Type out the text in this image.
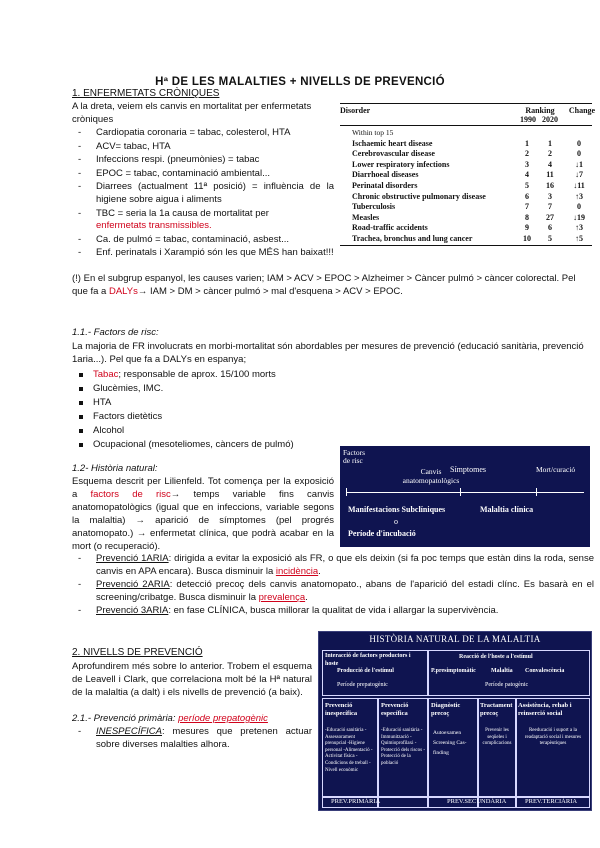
Hª DE LES MALALTIES + NIVELLS DE PREVENCIÓ
1. ENFERMETATS CRÒNIQUES
A la dreta, veiem els canvis en mortalitat per enfermetats cròniques
- Cardiopatia coronaria = tabac, colesterol, HTA
- ACV= tabac, HTA
- Infeccions respi. (pneumònies) = tabac
- EPOC = tabac, contaminació ambiental...
- Diarrees (actualment 11ª posició) = influència de la higiene sobre aigua i aliments
- TBC = seria la 1a causa de mortalitat per
enfermetats transmissibles.
- Ca. de pulmó = tabac, contaminació, asbest...
- Enf. perinatals i Xarampió són les que MÉS han baixat!!!
(!) En el subgrup espanyol, les causes varien; IAM > ACV > EPOC > Alzheimer > Càncer pulmó > càncer colorectal. Pel que fa a DALYs→ IAM > DM > càncer pulmó > mal d'esquena > ACV > EPOC.
Disorder	Ranking	Change
1990 2020
Within top 15
Ischaemic heart disease	1	1	0
Cerebrovascular disease	2	2	0
Lower respiratory infections	3	4	↓1
Diarrhoeal diseases	4	11	↓7
Perinatal disorders	5	16	↓11
Chronic obstructive pulmonary disease	6	3	↑3
Tuberculosis	7	7	0
Measles	8	27	↓19
Road-traffic accidents	9	6	↑3
Trachea, bronchus and lung cancer	10	5	↑5
1.1.- Factors de risc:
La majoria de FR involucrats en morbi-mortalitat són abordables per mesures de prevenció (educació sanitària, prevenció 1aria...). Pel que fa a DALYs en espanya;
Tabac; responsable de aprox. 15/100 morts
Glucèmies, IMC.
HTA
Factors dietètics
Alcohol
Ocupacional (mesoteliomes, càncers de pulmó)
1.2- Història natural:
Esquema descrit per Lilienfeld. Tot comença per la exposició a factors de risc→ temps variable fins canvis anatomopatològics (igual que en infeccions, variable segons la malaltia) → aparició de símptomes (pel progrés anatomopato.) → enfermetat clínica, que podrà acabar en la mort (o recuperació).
- Prevenció 1ARIA: dirigida a evitar la exposició als FR, o que els deixin (si fa poc temps que estàn dins la roda, sense canvis en APA encara). Busca disminuir la incidència.
- Prevenció 2ARIA: detecció precoç dels canvis anatomopato., abans de l'aparició del estadi clínc. Es basarà en el screening/cribatge. Busca disminuir la prevalença.
- Prevenció 3ARIA: en fase CLÍNICA, busca millorar la qualitat de vida i allargar la supervivència.
Factors de risc
Canvis anatomopatològics
Símptomes	Mort/curació
Manifestacions Subclíniques	Malaltia clínica
o
Període d'incubació
2. NIVELLS DE PREVENCIÓ
Aprofundirem més sobre lo anterior. Trobem el esquema de Leavell i Clark, que correlaciona molt bé la Hª natural de la malaltia (a dalt) i els nivells de prevenció (a baix).
2.1.- Prevenció primària: període prepatogènic
- INESPECÍFICA: mesures que pretenen actuar sobre diverses malalties alhora.
HISTÒRIA NATURAL DE LA MALALTIA
Interacció de factors productors i hoste
Reacció de l'hoste a l'estímul
Producció de l'estímul	P.presimptomàtic	Malaltia Convalescència
Període prepatogènic	Període patogènic
Prevenció inespecífica
Prevenció específica
Diagnòstic precoç
Tractament precoç
Assistència, rehab i reinserció social
-Educació sanitària -Assessorament prenupcial -Higiene personal -Alimentació -Activitat física -Condicions de treball -Nivell econòmic
-Educació sanitària -Immunització -Quimioprofilaxi -Protecció dels riscos -Protecció de la població
Autoexamen Screening Cas-finding
Prevenir les seqüeles i complicacions
Reeducació i suport a la readaptació social i mesures terapèutiques
PREV.PRIMÀRIA	PREV.SECUNDÀRIA	PREV.TERCIÀRIA
